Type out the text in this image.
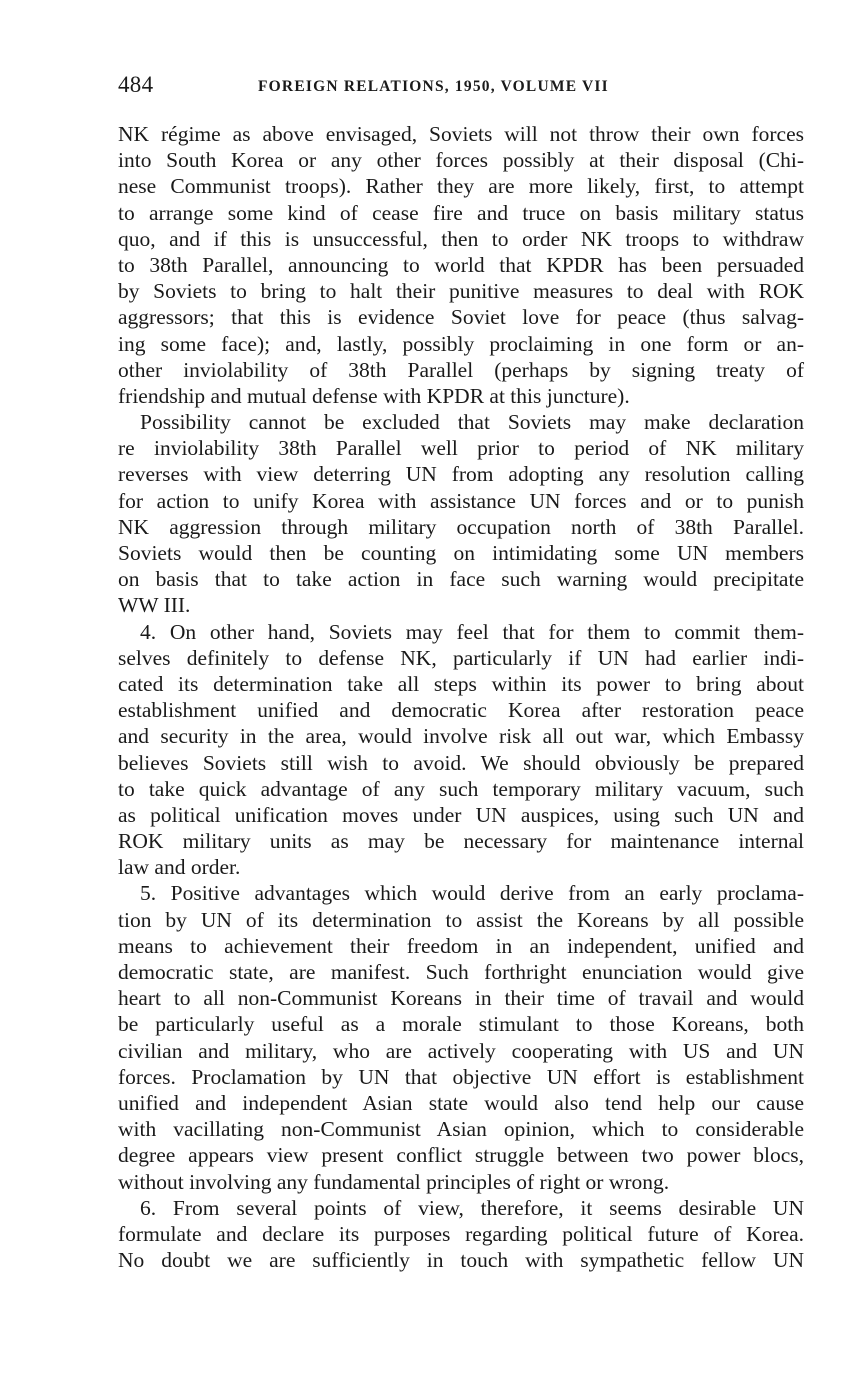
484	FOREIGN RELATIONS, 1950, VOLUME VII
NK régime as above envisaged, Soviets will not throw their own forces
into South Korea or any other forces possibly at their disposal (Chi-
nese Communist troops). Rather they are more likely, first, to attempt
to arrange some kind of cease fire and truce on basis military status
quo, and if this is unsuccessful, then to order NK troops to withdraw
to 38th Parallel, announcing to world that KPDR has been persuaded
by Soviets to bring to halt their punitive measures to deal with ROK
aggressors; that this is evidence Soviet love for peace (thus salvag-
ing some face); and, lastly, possibly proclaiming in one form or an-
other inviolability of 38th Parallel (perhaps by signing treaty of
friendship and mutual defense with KPDR at this juncture).
Possibility cannot be excluded that Soviets may make declaration
re inviolability 38th Parallel well prior to period of NK military
reverses with view deterring UN from adopting any resolution calling
for action to unify Korea with assistance UN forces and or to punish
NK aggression through military occupation north of 38th Parallel.
Soviets would then be counting on intimidating some UN members
on basis that to take action in face such warning would precipitate
WW III.
4. On other hand, Soviets may feel that for them to commit them-
selves definitely to defense NK, particularly if UN had earlier indi-
cated its determination take all steps within its power to bring about
establishment unified and democratic Korea after restoration peace
and security in the area, would involve risk all out war, which Embassy
believes Soviets still wish to avoid. We should obviously be prepared
to take quick advantage of any such temporary military vacuum, such
as political unification moves under UN auspices, using such UN and
ROK military units as may be necessary for maintenance internal
law and order.
5. Positive advantages which would derive from an early proclama-
tion by UN of its determination to assist the Koreans by all possible
means to achievement their freedom in an independent, unified and
democratic state, are manifest. Such forthright enunciation would give
heart to all non-Communist Koreans in their time of travail and would
be particularly useful as a morale stimulant to those Koreans, both
civilian and military, who are actively cooperating with US and UN
forces. Proclamation by UN that objective UN effort is establishment
unified and independent Asian state would also tend help our cause
with vacillating non-Communist Asian opinion, which to considerable
degree appears view present conflict struggle between two power blocs,
without involving any fundamental principles of right or wrong.
6. From several points of view, therefore, it seems desirable UN
formulate and declare its purposes regarding political future of Korea.
No doubt we are sufficiently in touch with sympathetic fellow UN
